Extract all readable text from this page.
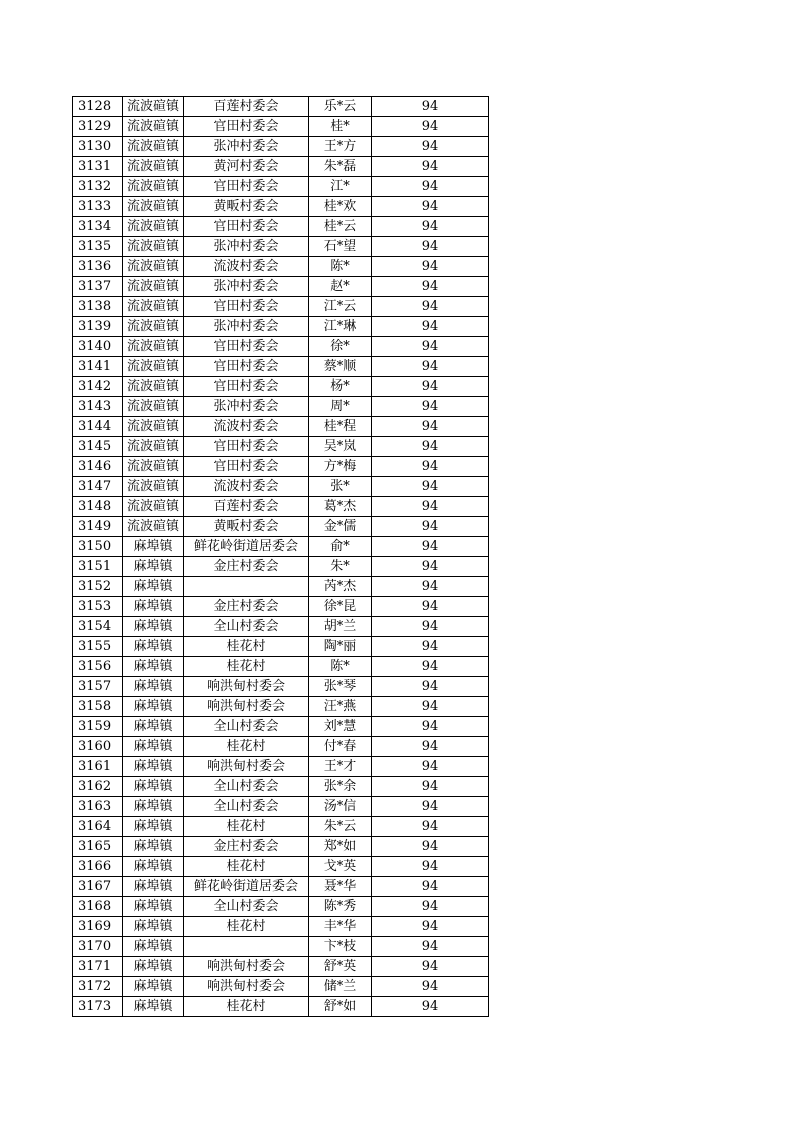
3128	流波碹镇	百莲村委会	乐*云	94
3129	流波碹镇	官田村委会	桂*	94
3130	流波碹镇	张冲村委会	王*方	94
3131	流波碹镇	黄河村委会	朱*磊	94
3132	流波碹镇	官田村委会	江*	94
3133	流波碹镇	黄畈村委会	桂*欢	94
3134	流波碹镇	官田村委会	桂*云	94
3135	流波碹镇	张冲村委会	石*望	94
3136	流波碹镇	流波村委会	陈*	94
3137	流波碹镇	张冲村委会	赵*	94
3138	流波碹镇	官田村委会	江*云	94
3139	流波碹镇	张冲村委会	江*琳	94
3140	流波碹镇	官田村委会	徐*	94
3141	流波碹镇	官田村委会	蔡*顺	94
3142	流波碹镇	官田村委会	杨*	94
3143	流波碹镇	张冲村委会	周*	94
3144	流波碹镇	流波村委会	桂*程	94
3145	流波碹镇	官田村委会	吴*岚	94
3146	流波碹镇	官田村委会	方*梅	94
3147	流波碹镇	流波村委会	张*	94
3148	流波碹镇	百莲村委会	葛*杰	94
3149	流波碹镇	黄畈村委会	金*儒	94
3150	麻埠镇	鲜花岭街道居委会	俞*	94
3151	麻埠镇	金庄村委会	朱*	94
3152	麻埠镇		芮*杰	94
3153	麻埠镇	金庄村委会	徐*昆	94
3154	麻埠镇	全山村委会	胡*兰	94
3155	麻埠镇	桂花村	陶*丽	94
3156	麻埠镇	桂花村	陈*	94
3157	麻埠镇	响洪甸村委会	张*琴	94
3158	麻埠镇	响洪甸村委会	汪*燕	94
3159	麻埠镇	全山村委会	刘*慧	94
3160	麻埠镇	桂花村	付*春	94
3161	麻埠镇	响洪甸村委会	王*才	94
3162	麻埠镇	全山村委会	张*余	94
3163	麻埠镇	全山村委会	汤*信	94
3164	麻埠镇	桂花村	朱*云	94
3165	麻埠镇	金庄村委会	郑*如	94
3166	麻埠镇	桂花村	戈*英	94
3167	麻埠镇	鲜花岭街道居委会	聂*华	94
3168	麻埠镇	全山村委会	陈*秀	94
3169	麻埠镇	桂花村	丰*华	94
3170	麻埠镇		卞*枝	94
3171	麻埠镇	响洪甸村委会	舒*英	94
3172	麻埠镇	响洪甸村委会	储*兰	94
3173	麻埠镇	桂花村	舒*如	94
